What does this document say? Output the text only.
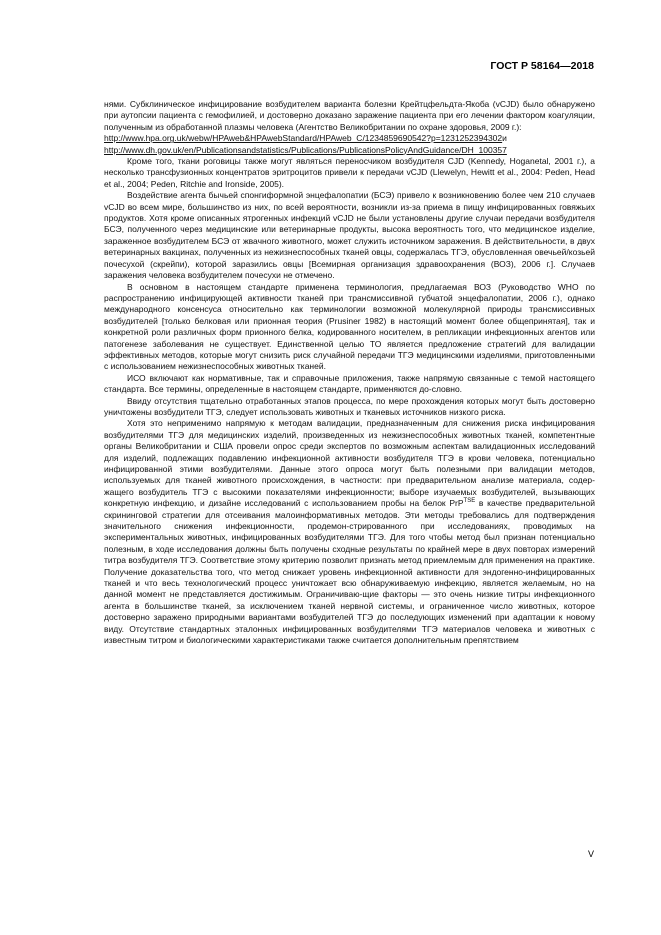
ГОСТ Р 58164—2018

нями. Субклиническое инфицирование возбудителем варианта болезни Крейтцфельдта-Якоба (vCJD) было обнаружено при аутопсии пациента с гемофилией, и достоверно доказано заражение пациента при его лечении фактором коагуляции, полученным из обработанной плазмы человека (Агентство Великобритании по охране здоровья, 2009 г.):

http://www.hpa.org.uk/webw/HPAweb&HPAwebStandard/HPAweb_C/1234859690542?p=1231252394302и
http://www.dh.gov.uk/en/Publicationsandstatistics/Publications/PublicationsPolicyAndGuidance/DH_100357

Кроме того, ткани роговицы также могут являться переносчиком возбудителя CJD (Kennedy, Hoganetal, 2001 г.), а несколько трансфузионных концентратов эритроцитов привели к передачи vCJD (Llewelyn, Hewitt et al., 2004: Peden, Head et al., 2004; Peden, Ritchie and Ironside, 2005).

Воздействие агента бычьей спонгиформной энцефалопатии (БСЭ) привело к возникновению более чем 210 случаев vCJD во всем мире, большинство из них, по всей вероятности, возникли из-за приема в пищу инфицированных говяжьих продуктов. Хотя кроме описанных ятрогенных инфекций vCJD не были установлены другие случаи передачи возбудителя БСЭ, полученного через медицинские или ветеринарные продукты, высока вероятность того, что медицинское изделие, зараженное возбудителем БСЭ от жвачного животного, может служить источником заражения. В действительности, в двух ветеринарных вакцинах, полученных из нежизнеспособных тканей овцы, содержалась ТГЭ, обусловленная овечьей/козьей почесухой (скрейпи), которой заразились овцы [Всемирная организация здравоохранения (ВОЗ), 2006 г.]. Случаев заражения человека возбудителем почесухи не отмечено.

В основном в настоящем стандарте применена терминология, предлагаемая ВОЗ (Руководство WHO по распространению инфицирующей активности тканей при трансмиссивной губчатой энцефалопатии, 2006 г.), однако международного консенсуса относительно как терминологии возможной молекулярной природы трансмиссивных возбудителей [только белковая или прионная теория (Prusiner 1982) в настоящий момент более общепринятая], так и конкретной роли различных форм прионного белка, кодированного носителем, в репликации инфекционных агентов или патогенезе заболевания не существует. Единственной целью ТО является предложение стратегий для валидации эффективных методов, которые могут снизить риск случайной передачи ТГЭ медицинскими изделиями, приготовленными с использованием нежизнеспособных животных тканей.

ИСО включают как нормативные, так и справочные приложения, также напрямую связанные с темой настоящего стандарта. Все термины, определенные в настоящем стандарте, применяются до-словно.

Ввиду отсутствия тщательно отработанных этапов процесса, по мере прохождения которых могут быть достоверно уничтожены возбудители ТГЭ, следует использовать животных и тканевых источников низкого риска.

Хотя это неприменимо напрямую к методам валидации, предназначенным для снижения риска инфицирования возбудителями ТГЭ для медицинских изделий, произведенных из нежизнеспособных животных тканей, компетентные органы Великобритании и США провели опрос среди экспертов по возможным аспектам валидационных исследований для изделий, подлежащих подавлению инфекционной активности возбудителя ТГЭ в крови человека, потенциально инфицированной этими возбудителями. Данные этого опроса могут быть полезными при валидации методов, используемых для тканей животного происхождения, в частности: при предварительном анализе материала, содер-жащего возбудитель ТГЭ с высокими показателями инфекционности; выборе изучаемых возбудителей, вызывающих конкретную инфекцию, и дизайне исследований с использованием пробы на белок PrP$^{TSE}$ в качестве предварительной скрининговой стратегии для отсеивания малоинформативных методов. Эти методы требовались для подтверждения значительного снижения инфекционности, продемон-стрированного при исследованиях, проводимых на экспериментальных животных, инфицированных возбудителями ТГЭ. Для того чтобы метод был признан потенциально полезным, в ходе исследования должны быть получены сходные результаты по крайней мере в двух повторах измерений титра возбудителя ТГЭ. Соответствие этому критерию позволит признать метод приемлемым для применения на практике. Получение доказательства того, что метод снижает уровень инфекционной активности для эндогенно-инфицированных тканей и что весь технологический процесс уничтожает всю обнаруживаемую инфекцию, является желаемым, но на данной момент не представляется достижимым. Ограничиваю-щие факторы — это очень низкие титры инфекционного агента в большинстве тканей, за исключением тканей нервной системы, и ограниченное число животных, которое достоверно заражено природными вариантами возбудителей ТГЭ до последующих изменений при адаптации к новому виду. Отсутствие стандартных эталонных инфицированных возбудителями ТГЭ материалов человека и животных с известным титром и биологическими характеристиками также считается дополнительным препятствием

V
